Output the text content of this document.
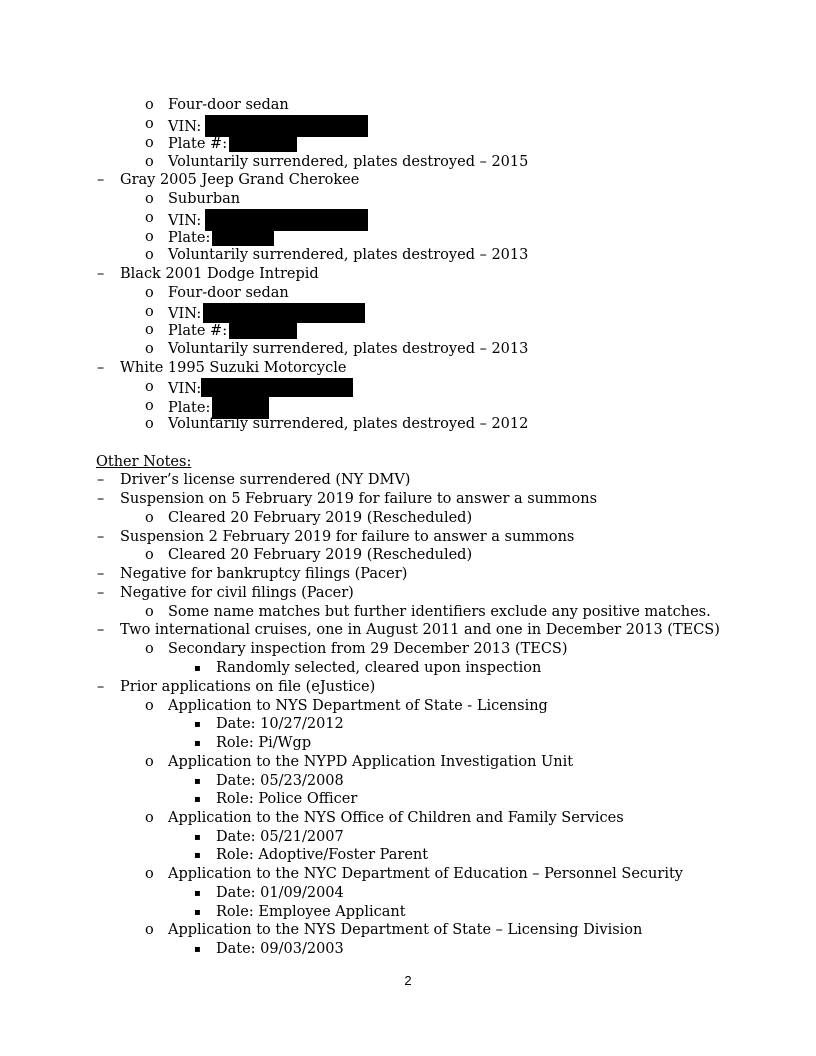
o Four-door sedan
o VIN:
o Plate #:
o Voluntarily surrendered, plates destroyed – 2015
– Gray 2005 Jeep Grand Cherokee
o Suburban
o VIN:
o Plate:
o Voluntarily surrendered, plates destroyed – 2013
– Black 2001 Dodge Intrepid
o Four-door sedan
o VIN:
o Plate #:
o Voluntarily surrendered, plates destroyed – 2013
– White 1995 Suzuki Motorcycle
o VIN:
o Plate:
o Voluntarily surrendered, plates destroyed – 2012
Other Notes:
– Driver’s license surrendered (NY DMV)
– Suspension on 5 February 2019 for failure to answer a summons
o Cleared 20 February 2019 (Rescheduled)
– Suspension 2 February 2019 for failure to answer a summons
o Cleared 20 February 2019 (Rescheduled)
– Negative for bankruptcy filings (Pacer)
– Negative for civil filings (Pacer)
o Some name matches but further identifiers exclude any positive matches.
– Two international cruises, one in August 2011 and one in December 2013 (TECS)
o Secondary inspection from 29 December 2013 (TECS)
▪ Randomly selected, cleared upon inspection
– Prior applications on file (eJustice)
o Application to NYS Department of State - Licensing
▪ Date: 10/27/2012
▪ Role: Pi/Wgp
o Application to the NYPD Application Investigation Unit
▪ Date: 05/23/2008
▪ Role: Police Officer
o Application to the NYS Office of Children and Family Services
▪ Date: 05/21/2007
▪ Role: Adoptive/Foster Parent
o Application to the NYC Department of Education – Personnel Security
▪ Date: 01/09/2004
▪ Role: Employee Applicant
o Application to the NYS Department of State – Licensing Division
▪ Date: 09/03/2003
2
